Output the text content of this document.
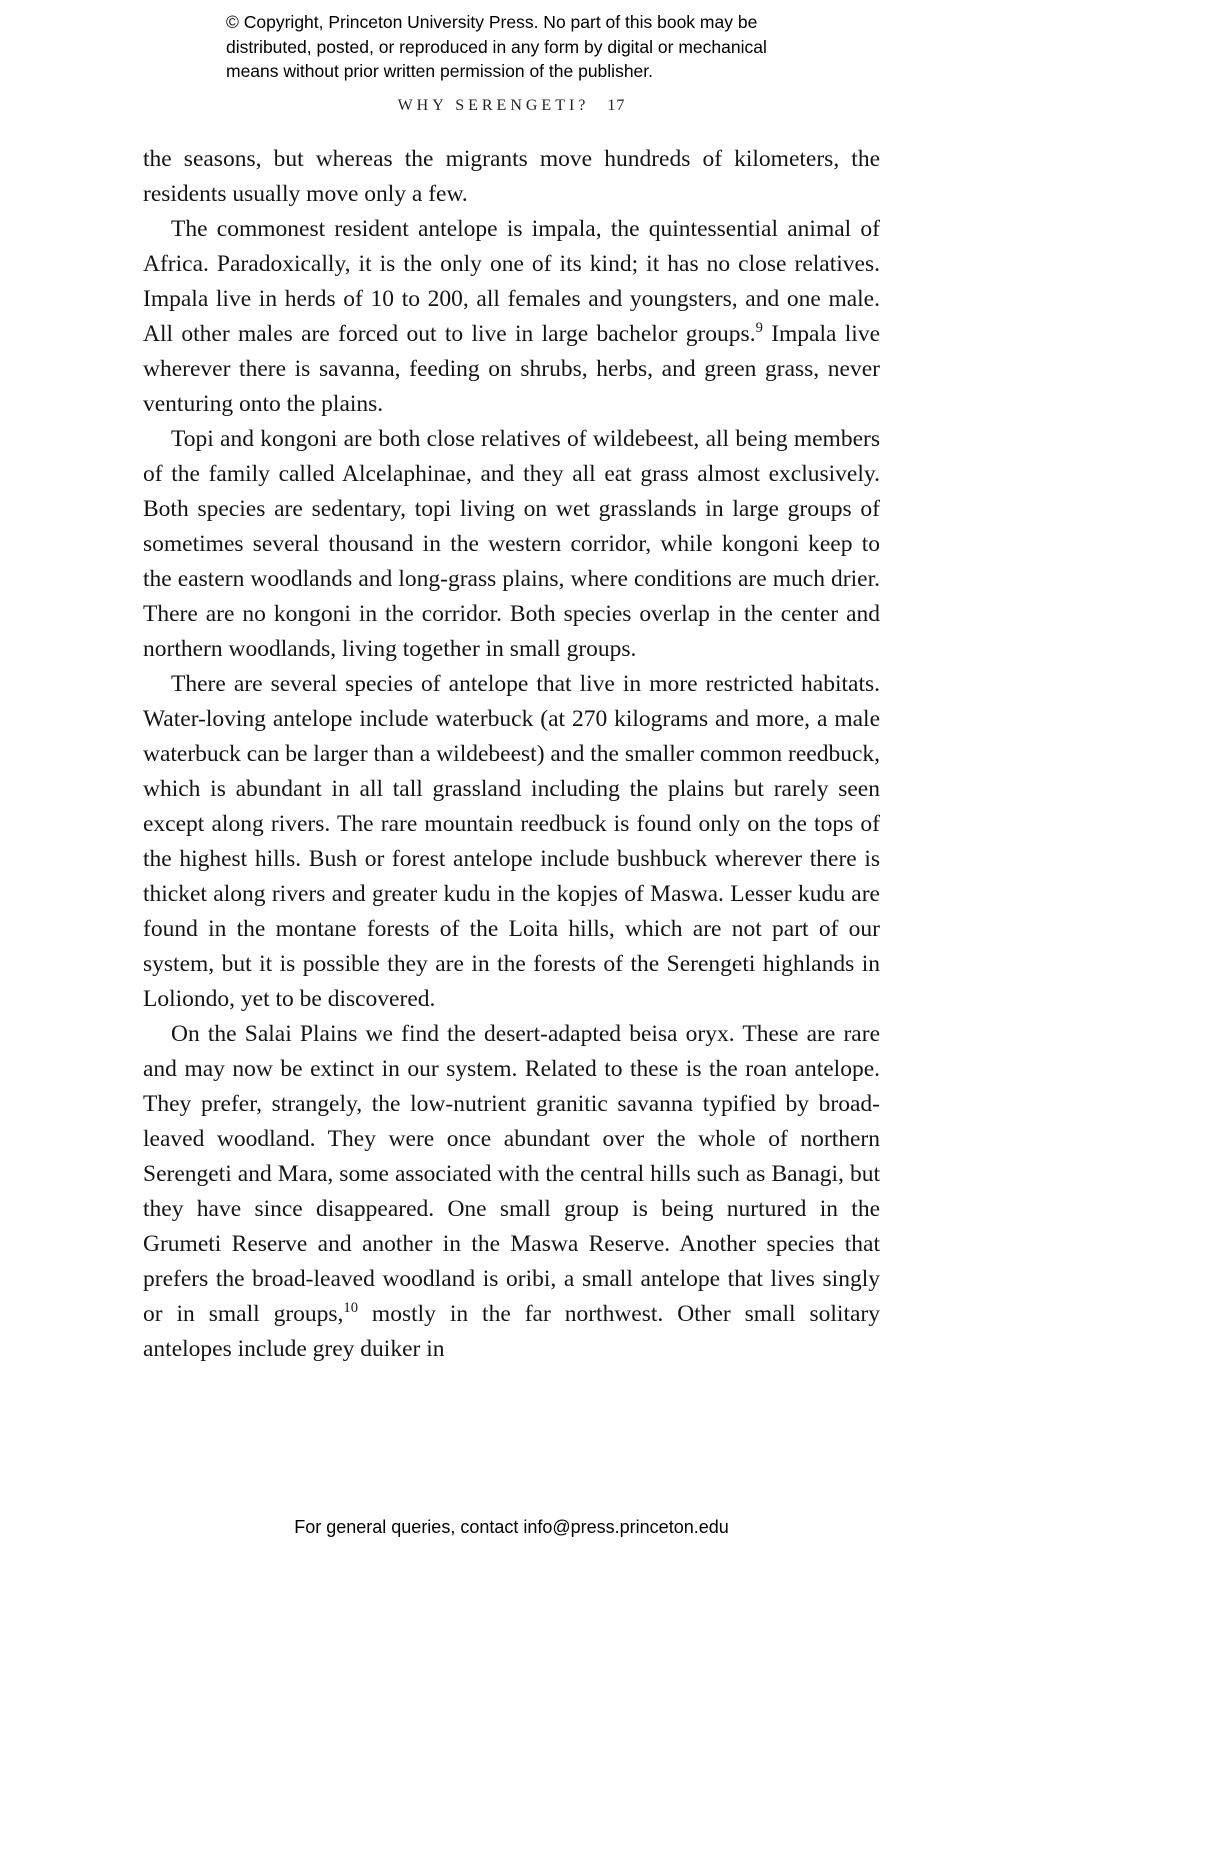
© Copyright, Princeton University Press. No part of this book may be
distributed, posted, or reproduced in any form by digital or mechanical
means without prior written permission of the publisher.
WHY SERENGETI? 17

the seasons, but whereas the migrants move hundreds of kilometers, the residents usually move only a few.

The commonest resident antelope is impala, the quintessential animal of Africa. Paradoxically, it is the only one of its kind; it has no close relatives. Impala live in herds of 10 to 200, all females and youngsters, and one male. All other males are forced out to live in large bachelor groups.$^9$ Impala live wherever there is savanna, feeding on shrubs, herbs, and green grass, never venturing onto the plains.

Topi and kongoni are both close relatives of wildebeest, all being members of the family called Alcelaphinae, and they all eat grass almost exclusively. Both species are sedentary, topi living on wet grasslands in large groups of sometimes several thousand in the western corridor, while kongoni keep to the eastern woodlands and long-grass plains, where conditions are much drier. There are no kongoni in the corridor. Both species overlap in the center and northern woodlands, living together in small groups.

There are several species of antelope that live in more restricted habitats. Water-loving antelope include waterbuck (at 270 kilograms and more, a male waterbuck can be larger than a wildebeest) and the smaller common reedbuck, which is abundant in all tall grassland including the plains but rarely seen except along rivers. The rare mountain reedbuck is found only on the tops of the highest hills. Bush or forest antelope include bushbuck wherever there is thicket along rivers and greater kudu in the kopjes of Maswa. Lesser kudu are found in the montane forests of the Loita hills, which are not part of our system, but it is possible they are in the forests of the Serengeti highlands in Loliondo, yet to be discovered.

On the Salai Plains we find the desert-adapted beisa oryx. These are rare and may now be extinct in our system. Related to these is the roan antelope. They prefer, strangely, the low-nutrient granitic savanna typified by broad-leaved woodland. They were once abundant over the whole of northern Serengeti and Mara, some associated with the central hills such as Banagi, but they have since disappeared. One small group is being nurtured in the Grumeti Reserve and another in the Maswa Reserve. Another species that prefers the broad-leaved woodland is oribi, a small antelope that lives singly or in small groups,$^{10}$ mostly in the far northwest. Other small solitary antelopes include grey duiker in

For general queries, contact info@press.princeton.edu
